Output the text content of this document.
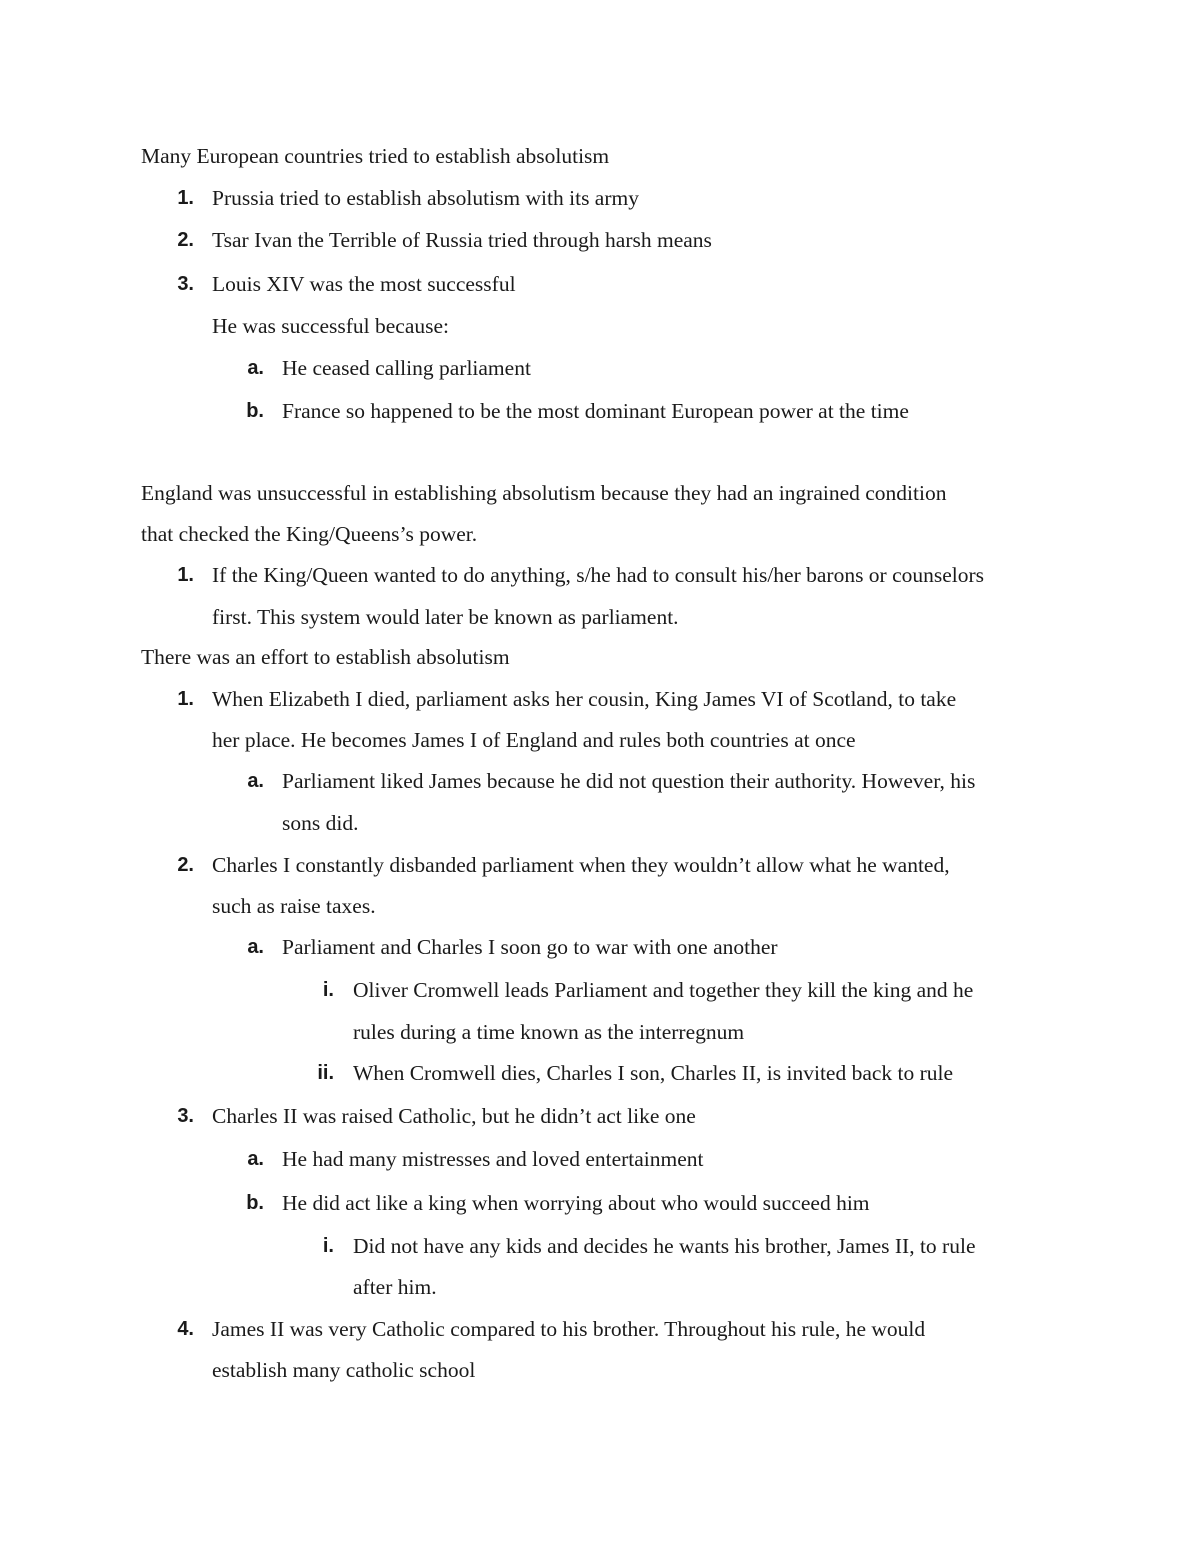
Many European countries tried to establish absolutism
1. Prussia tried to establish absolutism with its army
2. Tsar Ivan the Terrible of Russia tried through harsh means
3. Louis XIV was the most successful
He was successful because:
a. He ceased calling parliament
b. France so happened to be the most dominant European power at the time
England was unsuccessful in establishing absolutism because they had an ingrained condition
that checked the King/Queens’s power.
1. If the King/Queen wanted to do anything, s/he had to consult his/her barons or counselors
first. This system would later be known as parliament.
There was an effort to establish absolutism
1. When Elizabeth I died, parliament asks her cousin, King James VI of Scotland, to take
her place. He becomes James I of England and rules both countries at once
a. Parliament liked James because he did not question their authority. However, his
sons did.
2. Charles I constantly disbanded parliament when they wouldn’t allow what he wanted,
such as raise taxes.
a. Parliament and Charles I soon go to war with one another
i. Oliver Cromwell leads Parliament and together they kill the king and he
rules during a time known as the interregnum
ii. When Cromwell dies, Charles I son, Charles II, is invited back to rule
3. Charles II was raised Catholic, but he didn’t act like one
a. He had many mistresses and loved entertainment
b. He did act like a king when worrying about who would succeed him
i. Did not have any kids and decides he wants his brother, James II, to rule
after him.
4. James II was very Catholic compared to his brother. Throughout his rule, he would
establish many catholic school
